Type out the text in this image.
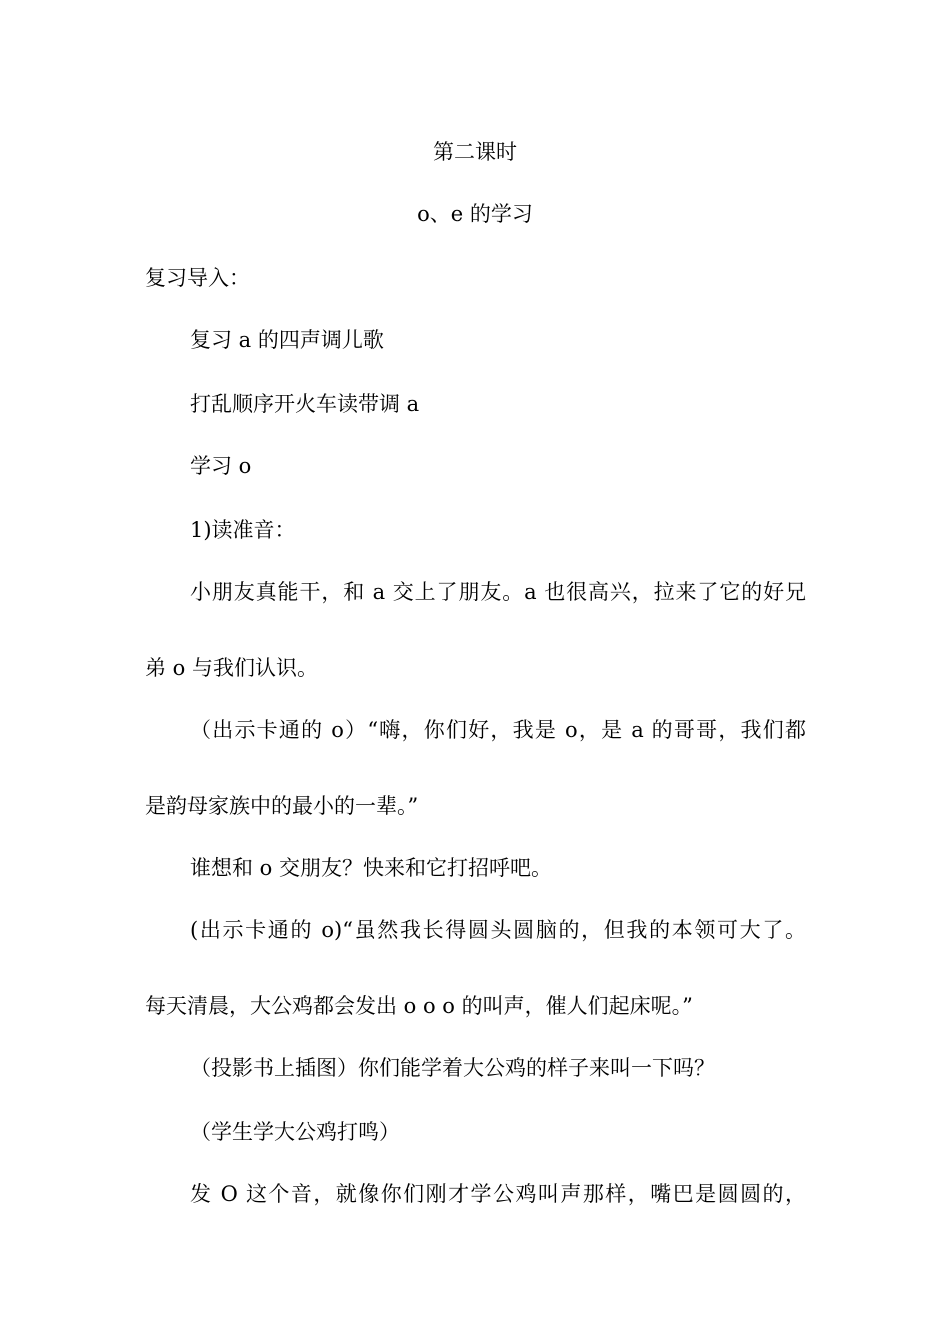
第二课时
o、e 的学习
复习导入：
复习 a 的四声调儿歌
打乱顺序开火车读带调 a
学习 o
1)读准音：
小朋友真能干，和 a 交上了朋友。a 也很高兴，拉来了它的好兄
弟 o 与我们认识。
（出示卡通的 o）“嗨，你们好，我是 o，是 a 的哥哥，我们都
是韵母家族中的最小的一辈。”
谁想和 o 交朋友？快来和它打招呼吧。
(出示卡通的 o)“虽然我长得圆头圆脑的，但我的本领可大了。
每天清晨，大公鸡都会发出 o o o 的叫声，催人们起床呢。”
（投影书上插图）你们能学着大公鸡的样子来叫一下吗？
（学生学大公鸡打鸣）
发 O 这个音，就像你们刚才学公鸡叫声那样，嘴巴是圆圆的，
